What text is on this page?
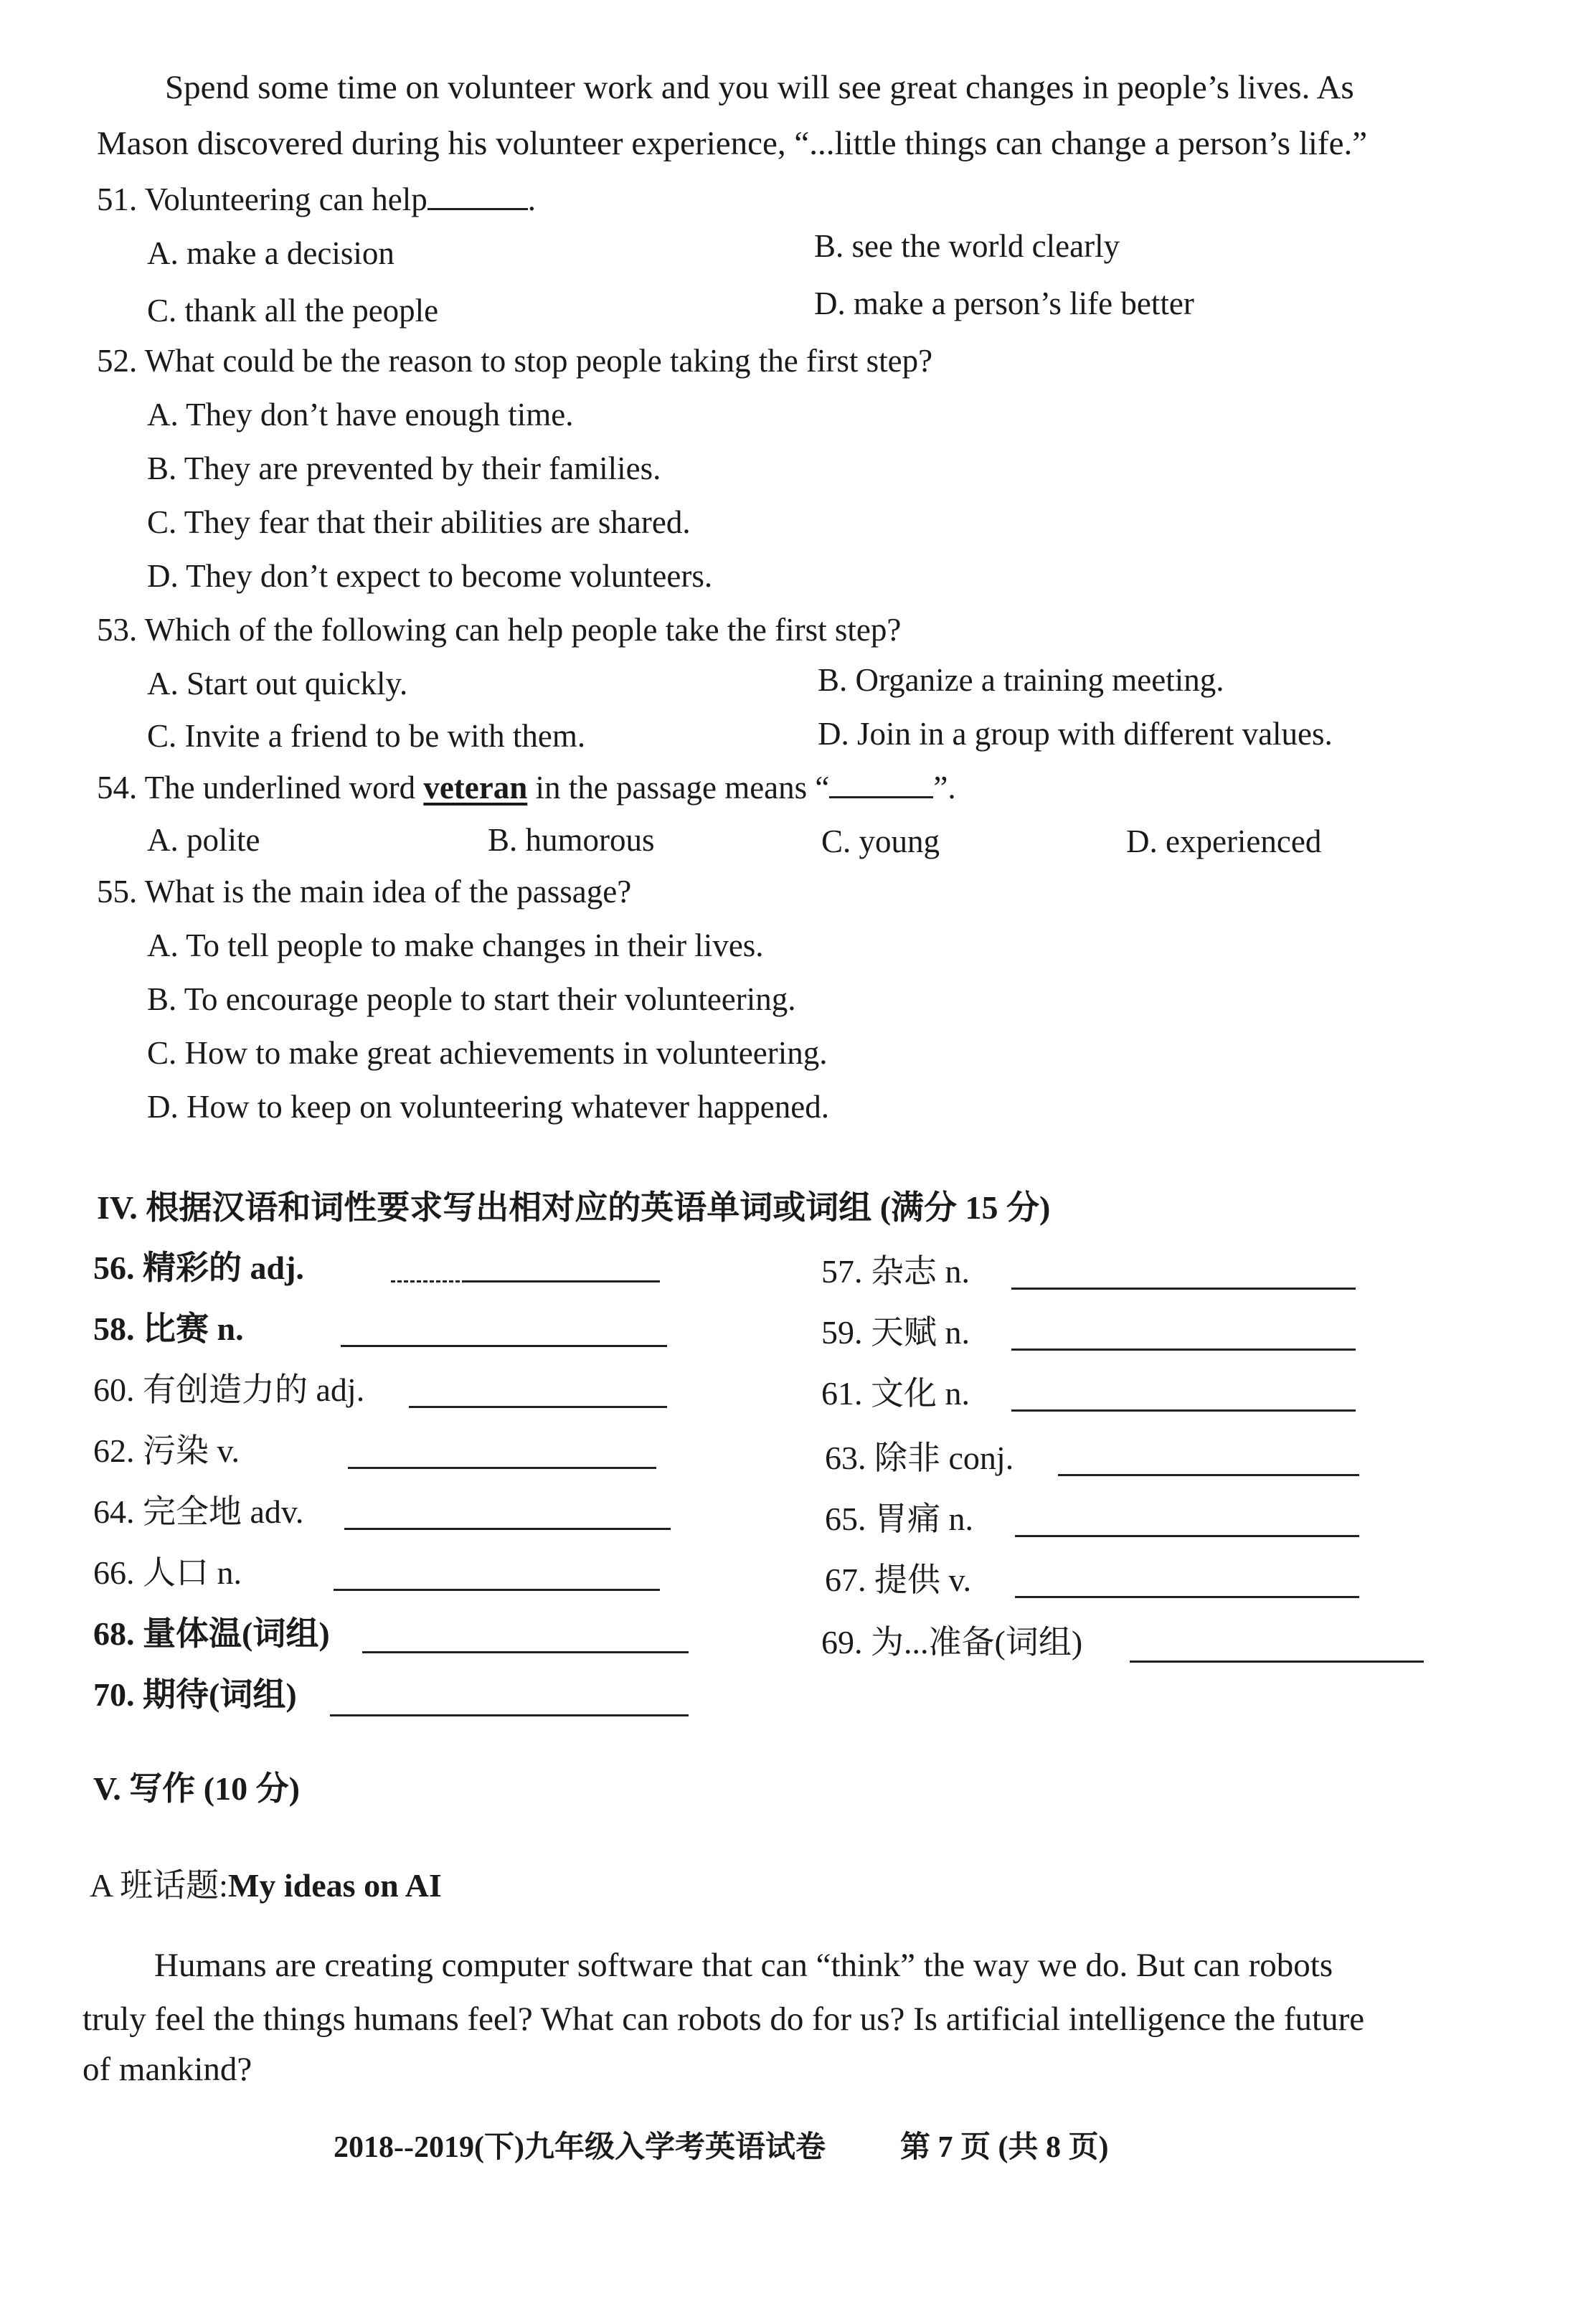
Spend some time on volunteer work and you will see great changes in people’s lives. As
Mason discovered during his volunteer experience, “...little things can change a person’s life.”
51. Volunteering can help	.
A. make a decision	B. see the world clearly
C. thank all the people	D. make a person’s life better
52. What could be the reason to stop people taking the first step?
A. They don’t have enough time.
B. They are prevented by their families.
C. They fear that their abilities are shared.
D. They don’t expect to become volunteers.
53. Which of the following can help people take the first step?
A. Start out quickly.	B. Organize a training meeting.
C. Invite a friend to be with them.	D. Join in a group with different values.
54. The underlined word veteran in the passage means “	”.
A. polite	B. humorous	C. young	D. experienced
55. What is the main idea of the passage?
A. To tell people to make changes in their lives.
B. To encourage people to start their volunteering.
C. How to make great achievements in volunteering.
D. How to keep on volunteering whatever happened.
IV. 根据汉语和词性要求写出相对应的英语单词或词组 (满分 15 分)
56. 精彩的 adj.	57. 杂志 n.
58. 比赛 n.	59. 天赋 n.
60. 有创造力的 adj.	61. 文化 n.
62. 污染 v.	63. 除非 conj.
64. 完全地 adv.	65. 胃痛 n.
66. 人口 n.	67. 提供 v.
68. 量体温(词组)	69. 为...准备(词组)
70. 期待(词组)
V. 写作 (10 分)
A 班话题:My ideas on AI
Humans are creating computer software that can “think” the way we do. But can robots
truly feel the things humans feel? What can robots do for us? Is artificial intelligence the future
of mankind?
2018--2019(下)九年级入学考英语试卷 第 7 页 (共 8 页)
